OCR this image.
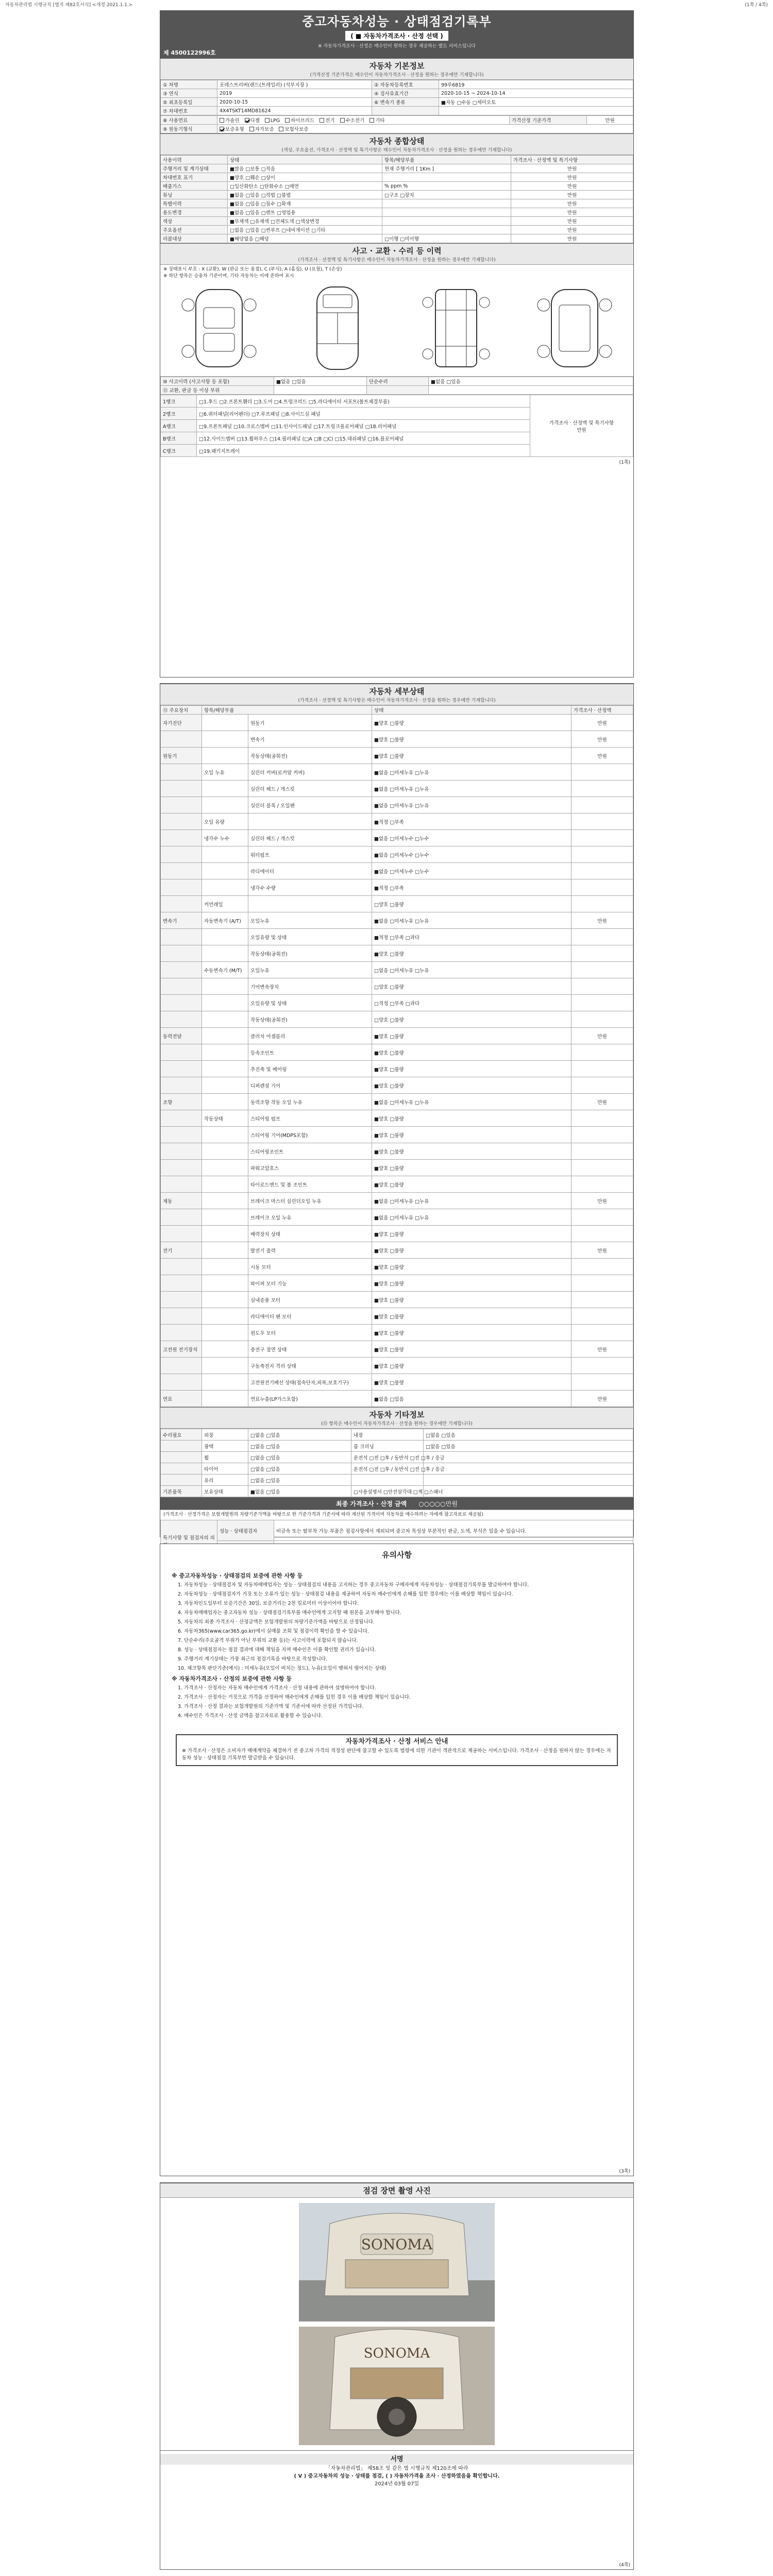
자동차관리법 시행규칙 [별지 제82호서식] <개정 2021.1.1.>	(1쪽 / 4쪽)
중고자동차성능 · 상태점검기록부
( ■ 자동차가격조사 · 산정 선택 )
※ 자동차가격조사 · 산정은 매수인이 원하는 경우 제공하는 별도 서비스입니다
제 4500122996호
자동차 기본정보
(가격산정 기준가격은 매수인이 자동차가격조사 · 산정을 원하는 경우에만 기재합니다)
① 차명	포레스트리버(랜드(트레일러) (석부지장 )	② 자동차등록번호	99루6819
③ 연식	2019	④ 검사유효기간	2020-10-15 ~ 2024-10-14
⑤ 최초등록일	2020-10-15	⑥ 변속기 종류	■자동 □수동 □세미오토
⑦ 차대번호	4X4TSKT14MD81624		
⑧ 사용연료	가솔린 디젤 LPG 하이브리드 전기 수소전기 기타	가격산정 기준가격	만원
⑨ 원동기형식	보증유형 자가보증 보험사보증		
자동차 종합상태
(색상, 주요옵션, 가격조사 · 산정액 및 특기사항은 매수인이 자동차가격조사 · 산정을 원하는 경우에만 기재합니다)
사용이력	상태	항목/해당부품	가격조사 · 산정액 및 특기사항
주행거리 및 계기상태	■많음 □보통 □적음	현재 주행거리 [ 1Km ]	만원
차대번호 표기	■양호 □훼손 □상이		만원
배출가스	□일산화탄소 □탄화수소 □매연	% ppm %	만원
튜닝	■없음 □있음 □적법 □불법	□구조 □장치	만원
특별이력	■없음 □있음 □침수 □화재		만원
용도변경	■없음 □있음 □렌트 □영업용		만원
색상	■무채색 □유채색 □전체도색 □색상변경		만원
주요옵션	□없음 □있음 □썬루프 □네비게이션 □기타		만원
리콜대상	■해당없음 □해당	□이행 □미이행	만원
사고 · 교환 · 수리 등 이력
(가격조사 · 산정액 및 특기사항은 매수인이 자동차가격조사 · 산정을 원하는 경우에만 기재합니다)
※ 상태표시 부호 : X (교환), W (판금 또는 용접), C (부식), A (흠집), U (요철), T (손상)
※ 하단 항목은 승용차 기준이며, 기타 자동차는 이에 준하여 표시
⑩ 사고이력 (사고사항 등 포함)	■없음 □있음	단순수리	■없음 □있음
⑪ 교환, 판금 등 이상 부위			
1랭크	□1.후드 □2.프론트휀더 □3.도어 □4.트렁크리드 □5.라디에이터 서포트(볼트체결부품)	가격조사 · 산정액 및 특기사항
만원

2랭크	□6.쿼터패널(리어펜더) □7.루프패널 □8.사이드실 패널	
A랭크	□9.프론트패널 □10.크로스멤버 □11.인사이드패널 □17.트렁크플로어패널 □18.리어패널	
B랭크	□12.사이드멤버 □13.휠하우스 □14.필러패널 (□A □B □C) □15.대쉬패널 □16.플로어패널	
C랭크	□19.패키지트레이	
(1쪽)
자동차 세부상태
(가격조사 · 산정액 및 특기사항은 매수인이 자동차가격조사 · 산정을 원하는 경우에만 기재합니다)
⑫ 주요장치	항목/해당부품		상태	가격조사 · 산정액
자기진단		원동기	■양호 □불량	만원
		변속기	■양호 □불량	만원
원동기		작동상태(공회전)	■양호 □불량	만원
	오일 누유	실린더 커버(로커암 커버)	■없음 □미세누유 □누유	
		실린더 헤드 / 개스킷	■없음 □미세누유 □누유	
		실린더 블록 / 오일팬	■없음 □미세누유 □누유	
	오일 유량		■적정 □부족	
	냉각수 누수	실린더 헤드 / 개스킷	■없음 □미세누수 □누수	
		워터펌프	■없음 □미세누수 □누수	
		라디에이터	■없음 □미세누수 □누수	
		냉각수 수량	■적정 □부족	
	커먼레일		□양호 □불량	
변속기	자동변속기 (A/T)	오일누유	■없음 □미세누유 □누유	만원
		오일유량 및 상태	■적정 □부족 □과다	
		작동상태(공회전)	■양호 □불량	
	수동변속기 (M/T)	오일누유	□없음 □미세누유 □누유	
		기어변속장치	□양호 □불량	
		오일유량 및 상태	□적정 □부족 □과다	
		작동상태(공회전)	□양호 □불량	
동력전달		클러치 어셈블리	■양호 □불량	만원
		등속조인트	■양호 □불량	
		추진축 및 베어링	■양호 □불량	
		디퍼렌셜 기어	■양호 □불량	
조향		동력조향 작동 오일 누유	■없음 □미세누유 □누유	만원
	작동상태	스티어링 펌프	■양호 □불량	
		스티어링 기어(MDPS포함)	■양호 □불량	
		스티어링조인트	■양호 □불량	
		파워고압호스	■양호 □불량	
		타이로드엔드 및 볼 조인트	■양호 □불량	
제동		브레이크 마스터 실린더오일 누유	■없음 □미세누유 □누유	만원
		브레이크 오일 누유	■없음 □미세누유 □누유	
		배력장치 상태	■양호 □불량	
전기		발전기 출력	■양호 □불량	만원
		시동 모터	■양호 □불량	
		와이퍼 모터 기능	■양호 □불량	
		실내송풍 모터	■양호 □불량	
		라디에이터 팬 모터	■양호 □불량	
		윈도우 모터	■양호 □불량	
고전원 전기장치		충전구 절연 상태	■양호 □불량	만원
		구동축전지 격리 상태	■양호 □불량	
		고전원전기배선 상태(접속단자,피복,보호기구)	■양호 □불량	
연료		연료누출(LP가스포함)	■없음 □있음	만원
자동차 기타정보
(⑬ 항목은 매수인이 자동차가격조사 · 산정을 원하는 경우에만 기재합니다)
수리필요	외장	□없음 □있음	내장	□없음 □있음
	광택	□없음 □있음	룸 크리닝	□없음 □있음
	휠	□없음 □있음	운전석 □전 □후 / 동반석 □전 □후 / 응급	
	타이어	□없음 □있음	운전석 □전 □후 / 동반석 □전 □후 / 응급	
	유리	□없음 □있음		
기본품목	보유상태	■없음 □있음	□사용설명서 □안전삼각대 □잭 □스패너	
최종 가격조사 · 산정 금액 ○○○○○만원
(가격조사 · 산정가격은 보험개발원의 차량기준가액을 바탕으로 한 기준가격과 기준서에 따라 계산된 가격이며 자동차를 매수하려는 자에게 참고자료로 제공됨)
특기사항 및 점검자의 의	성능 · 상태점검자	비금속 또는 탈부착 가능 부품은 점검사항에서 제외되며 중고차 특성상 부분적인 판금, 도색, 부식은 있을 수 있습니다.

유의사항
※ 중고자동차성능 · 상태점검의 보증에 관한 사항 등

1. 자동차성능 · 상태점검자 및 자동차매매업자는 성능 · 상태점검의 내용을 고지하는 경우 중고자동차 구매자에게 자동차성능 · 상태점검기록부를 발급하여야 합니다.

2. 자동차성능 · 상태점검자가 거짓 또는 오류가 있는 성능 · 상태점검 내용을 제공하여 자동차 매수인에게 손해를 입힌 경우에는 이를 배상할 책임이 있습니다.

3. 자동차인도일부터 보증기간은 30일, 보증거리는 2천 킬로미터 이상이어야 합니다.

4. 자동차매매업자는 중고자동차 성능 · 상태점검기록부를 매수인에게 고지할 때 원본을 교부해야 합니다.

5. 자동차의 최종 가격조사 · 산정금액은 보험개발원의 차량기준가액을 바탕으로 산정됩니다.

6. 자동차365(www.car365.go.kr)에서 실매물 조회 및 점검이력 확인을 할 수 있습니다.

7. 단순수리(주요골격 부위가 아닌 부위의 교환 등)는 사고이력에 포함되지 않습니다.

8. 성능 · 상태점검자는 점검 결과에 대해 책임을 지며 매수인은 이를 확인할 권리가 있습니다.

9. 주행거리 계기상태는 가장 최근의 점검기록을 바탕으로 작성합니다.

10. 체크항목 판단기준(예시) : 미세누유(오일이 비치는 정도), 누유(오일이 맺혀서 떨어지는 상태)

※ 자동차가격조사 · 산정의 보증에 관한 사항 등

1. 가격조사 · 산정자는 자동차 매수인에게 가격조사 · 산정 내용에 관하여 설명하여야 합니다.

2. 가격조사 · 산정자는 거짓으로 가격을 산정하여 매수인에게 손해를 입힌 경우 이를 배상할 책임이 있습니다.

3. 가격조사 · 산정 결과는 보험개발원의 기준가액 및 기준서에 따라 산정된 가격입니다.

4. 매수인은 가격조사 · 산정 금액을 참고자료로 활용할 수 있습니다.

자동차가격조사 · 산정 서비스 안내
※ 가격조사 · 산정은 소비자가 매매계약을 체결하기 전 중고차 가격의 적정성 판단에 참고할 수 있도록 법령에 의한 기관이 객관적으로 제공하는 서비스입니다. 가격조사 · 산정을 원하지 않는 경우에는 자동차 성능 · 상태점검 기록부만 발급받을 수 있습니다.
(3쪽)
점검 장면 촬영 사진
SONOMA
SONOMA
서명
「자동차관리법」 제58조 및 같은 법 시행규칙 제120조에 따라
( V ) 중고자동차의 성능 · 상태를 점검, ( ) 자동차가격을 조사 · 산정하였음을 확인합니다.
2024년 03월 07일
(4쪽)
